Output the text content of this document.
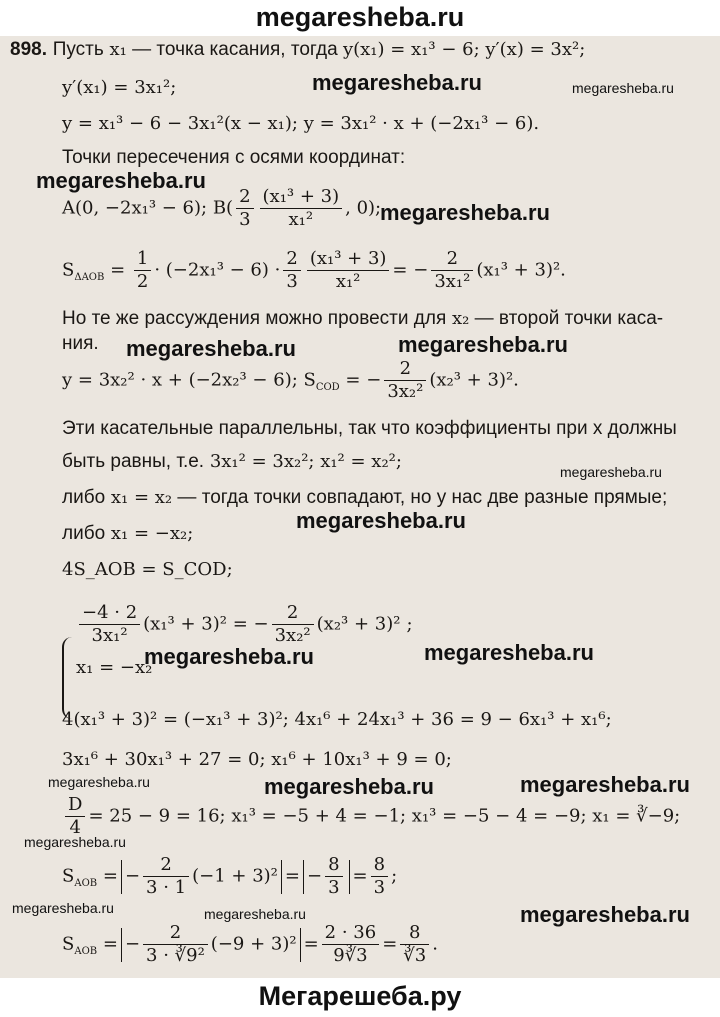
megaresheba.ru
898. Пусть x₁ — точка касания, тогда y(x₁) = x₁³ − 6; y′(x) = 3x²;
y′(x₁) = 3x₁²;
y = x₁³ − 6 − 3x₁²(x − x₁); y = 3x₁² · x + (−2x₁³ − 6).
Точки пересечения с осями координат:
A(0, −2x₁³ − 6); $B( \frac{2}{3} \frac{\text{(x₁³ + 3)}}{\text{x₁²}}$ , 0);
$S_{\Delta AOB} = \frac{1}{2} \cdot (-2x_1^3 - 6) \cdot \frac{2}{3} \frac{\text{(x₁³ + 3)}}{\text{x₁²}}$ = − $\frac{2}{\text{3x₁²}} (x_1^3 + 3)^2$.
Но те же рассуждения можно провести для x₂ — второй точки каса-
ния.
y = 3x₂² · x + (−2x₂³ − 6); $S_{COD}$ = − $\frac{2}{\text{3x₂²}} (x_2^3 + 3)^2$.
Эти касательные параллельны, так что коэффициенты при x должны
быть равны, т.е. 3x₁² = 3x₂²; x₁² = x₂²;
либо x₁ = x₂ — тогда точки совпадают, но у нас две разные прямые;
либо x₁ = −x₂;
4S_AOB = S_COD;
$\frac{-4 \cdot 2}{\text{3x₁²}} (x_1^3 + 3)^2$ = − $\frac{2}{\text{3x₂²}} (x_2^3 + 3)^2$ ;
x₁ = −x₂
4(x₁³ + 3)² = (−x₁³ + 3)²; 4x₁⁶ + 24x₁³ + 36 = 9 − 6x₁³ + x₁⁶;
3x₁⁶ + 30x₁³ + 27 = 0; x₁⁶ + 10x₁³ + 9 = 0;
$\frac{D}{4} = 25 - 9 = 16$; x₁³ = −5 + 4 = −1; x₁³ = −5 − 4 = −9; x₁ = ∛−9;
$S_{AOB}$ = − $\frac{2}{3 \cdot 1} (-1 + 3)^2$ = − $\frac{8}{3} = \frac{8}{3}$ ;
$S_{AOB}$ = − $\frac{2}{\text{3 · ∛9²}} (-9 + 3)^2 = \frac{2 \cdot 36}{9∛3} = \frac{8}{∛3}$ .
megaresheba.ru	megaresheba.ru
megaresheba.ru
megaresheba.ru
megaresheba.ru	megaresheba.ru
megaresheba.ru
megaresheba.ru
megaresheba.ru	megaresheba.ru
megaresheba.ru	megaresheba.ru	megaresheba.ru
megaresheba.ru
megaresheba.ru	megaresheba.ru	megaresheba.ru
Мегарешеба.ру
